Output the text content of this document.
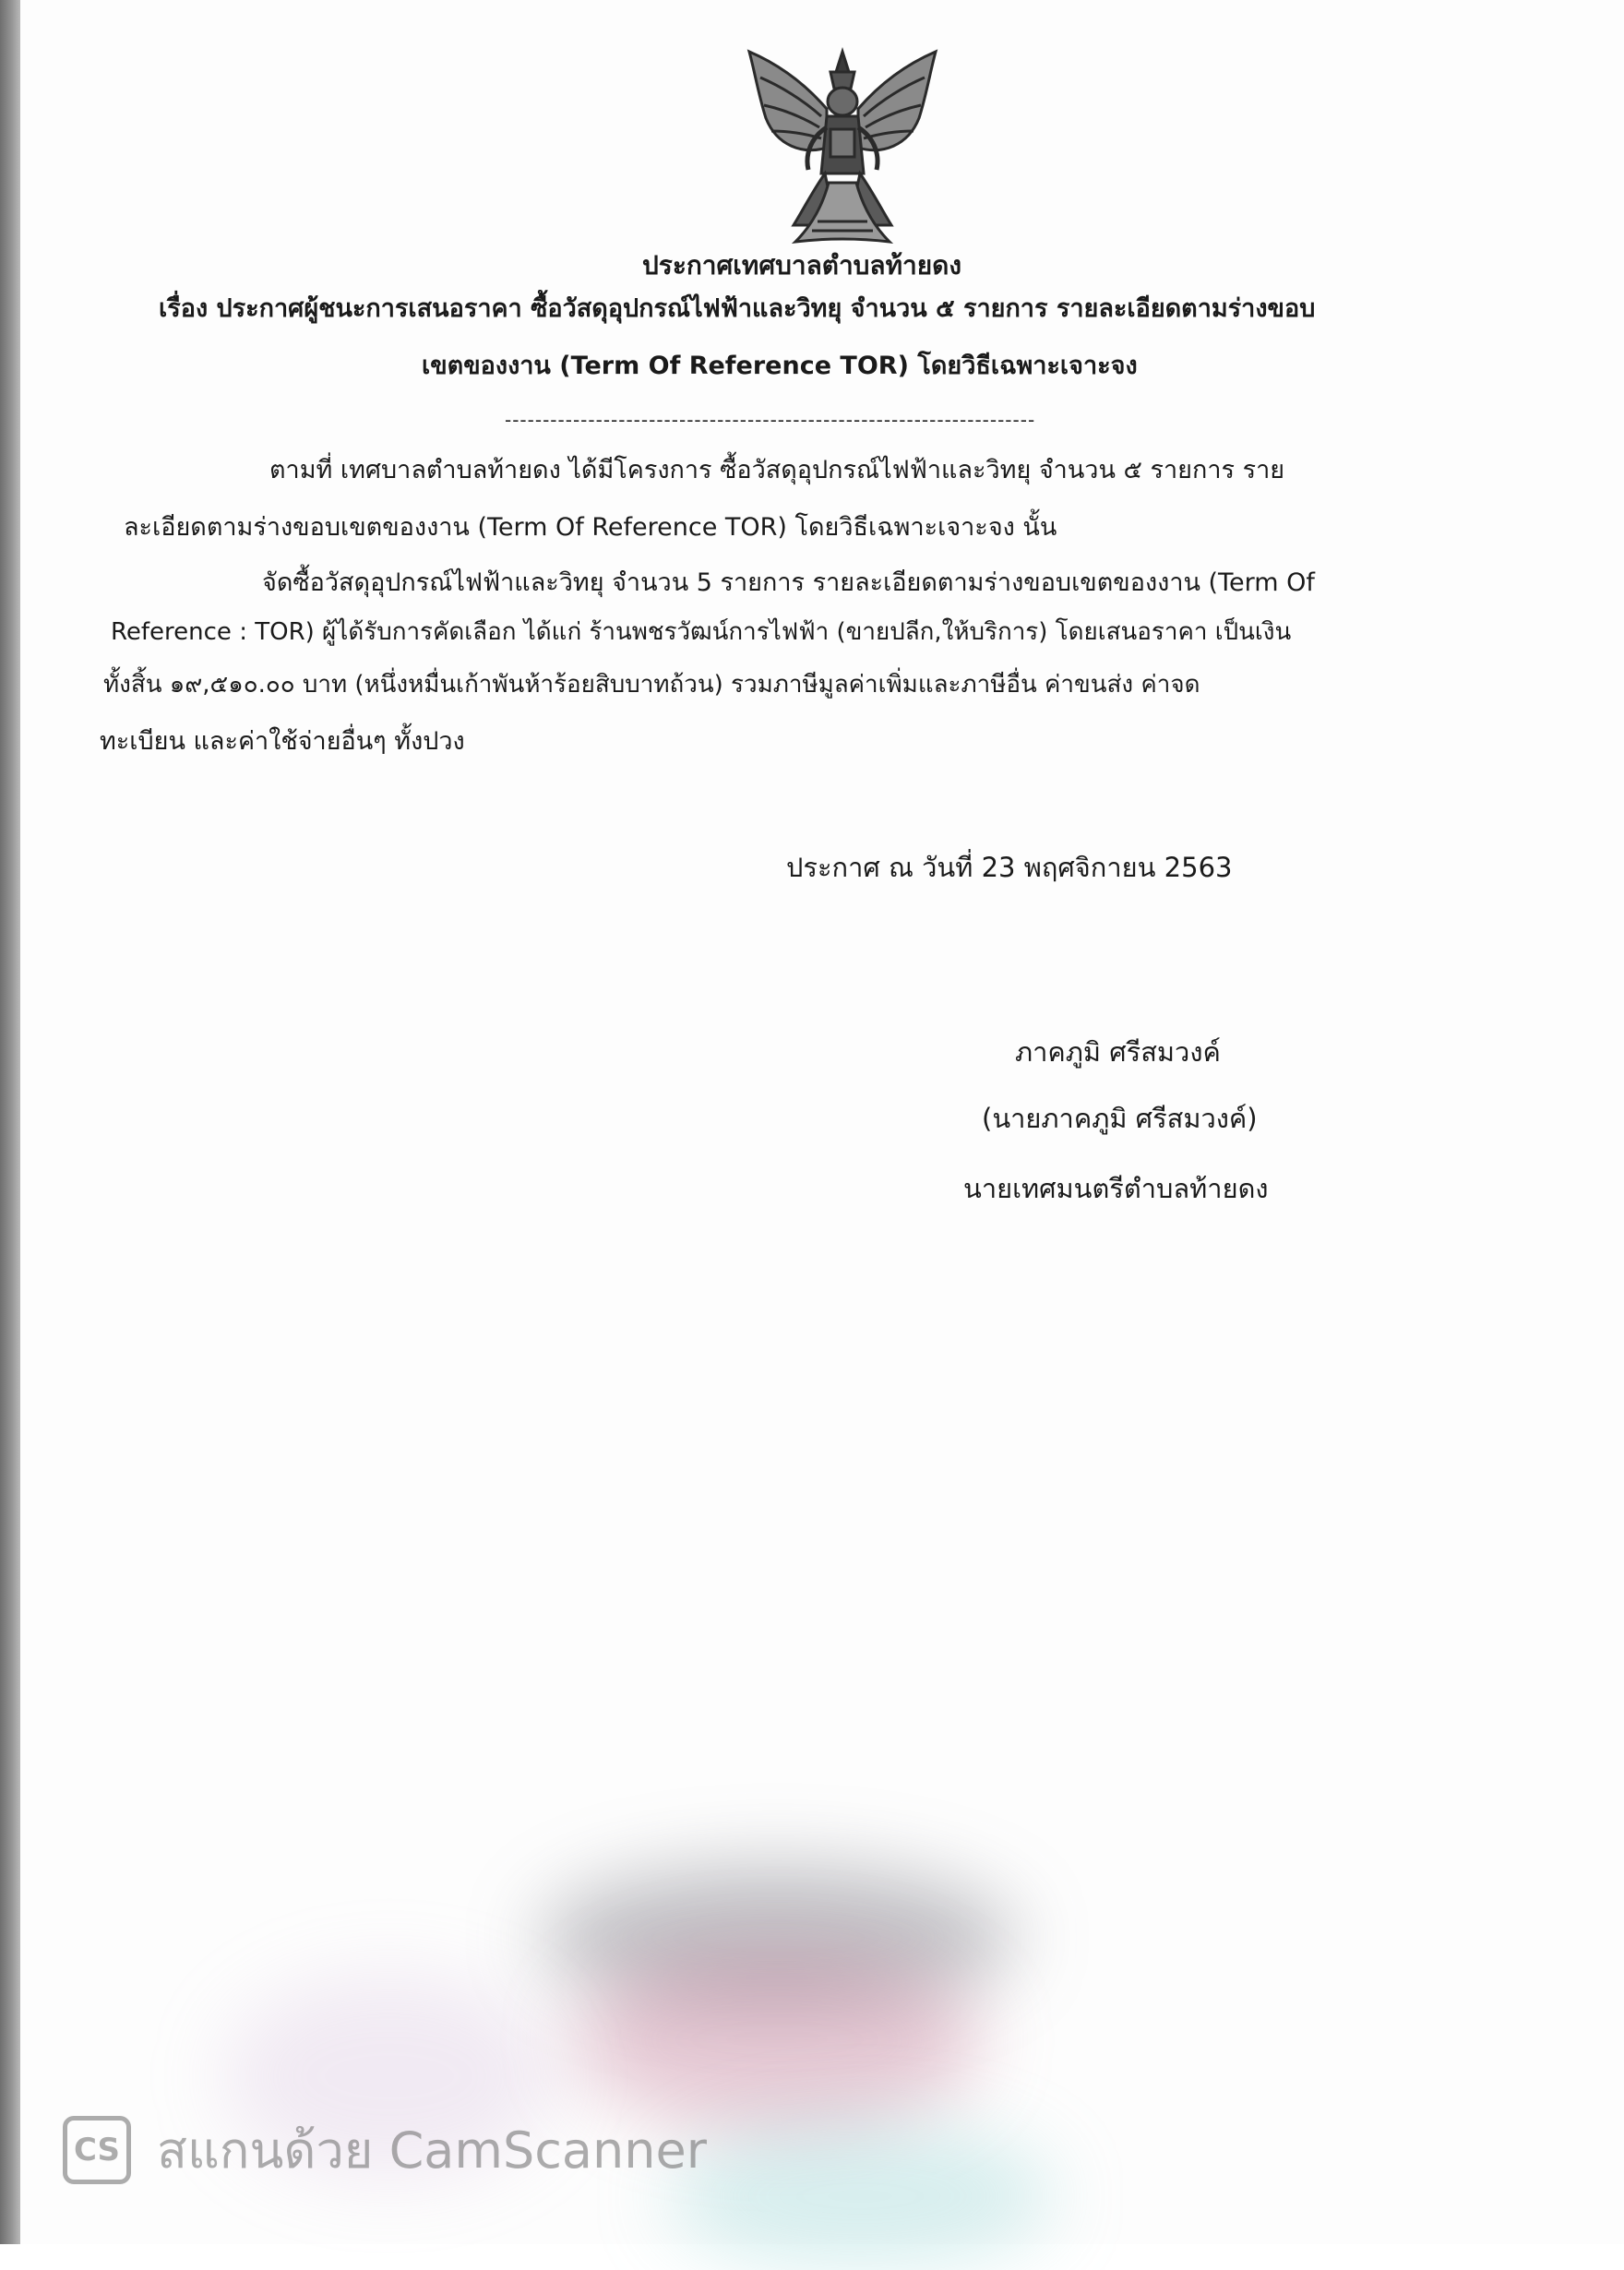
ประกาศเทศบาลตำบลท้ายดง
เรื่อง ประกาศผู้ชนะการเสนอราคา ซื้อวัสดุอุปกรณ์ไฟฟ้าและวิทยุ จำนวน ๕ รายการ รายละเอียดตามร่างขอบ
เขตของงาน (Term Of Reference TOR) โดยวิธีเฉพาะเจาะจง
----------------------------------------------------------------------
ตามที่ เทศบาลตำบลท้ายดง ได้มีโครงการ ซื้อวัสดุอุปกรณ์ไฟฟ้าและวิทยุ จำนวน ๕ รายการ ราย
ละเอียดตามร่างขอบเขตของงาน (Term Of Reference TOR) โดยวิธีเฉพาะเจาะจง นั้น
จัดซื้อวัสดุอุปกรณ์ไฟฟ้าและวิทยุ จำนวน 5 รายการ รายละเอียดตามร่างขอบเขตของงาน (Term Of
Reference : TOR) ผู้ได้รับการคัดเลือก ได้แก่ ร้านพชรวัฒน์การไฟฟ้า (ขายปลีก,ให้บริการ) โดยเสนอราคา เป็นเงิน
ทั้งสิ้น ๑๙,๕๑๐.๐๐ บาท (หนึ่งหมื่นเก้าพันห้าร้อยสิบบาทถ้วน) รวมภาษีมูลค่าเพิ่มและภาษีอื่น ค่าขนส่ง ค่าจด
ทะเบียน และค่าใช้จ่ายอื่นๆ ทั้งปวง
ประกาศ ณ วันที่ 23 พฤศจิกายน 2563
ภาคภูมิ ศรีสมวงค์
(นายภาคภูมิ ศรีสมวงค์)
นายเทศมนตรีตำบลท้ายดง
CS สแกนด้วย CamScanner
